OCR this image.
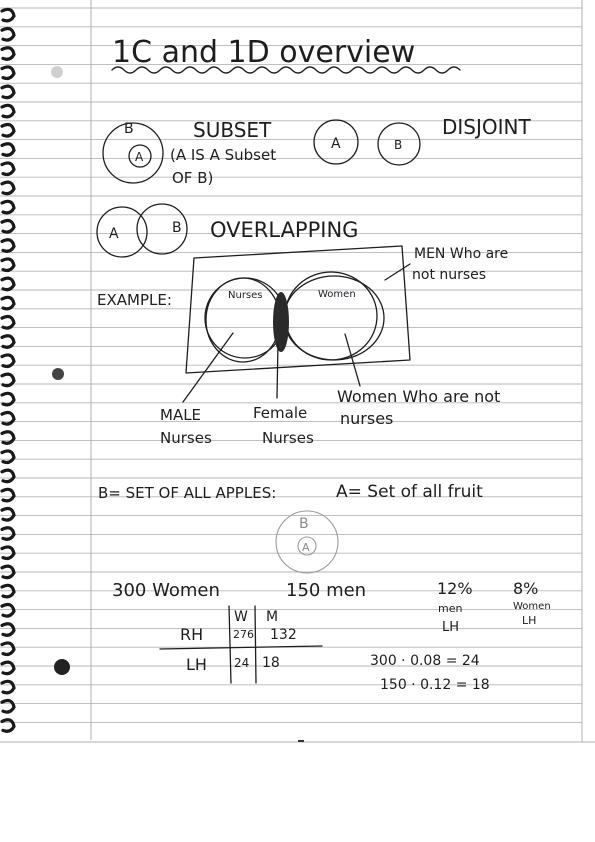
1C and 1D overview
B
A
SUBSET
(A IS A Subset
OF B)
A	B
DISJOINT
A	B OVERLAPPING
EXAMPLE:	Nurses	Women
MEN Who are
not nurses
MALE
Nurses
Female
Nurses
Women Who are not
nurses
B= SET OF ALL APPLES:	A= Set of all fruit
B
A
300 Women	150 men	12%
men
LH
8%
Women
LH
W M
RH	276 132
LH 24 18	300 · 0.08 = 24
150 · 0.12 = 18
